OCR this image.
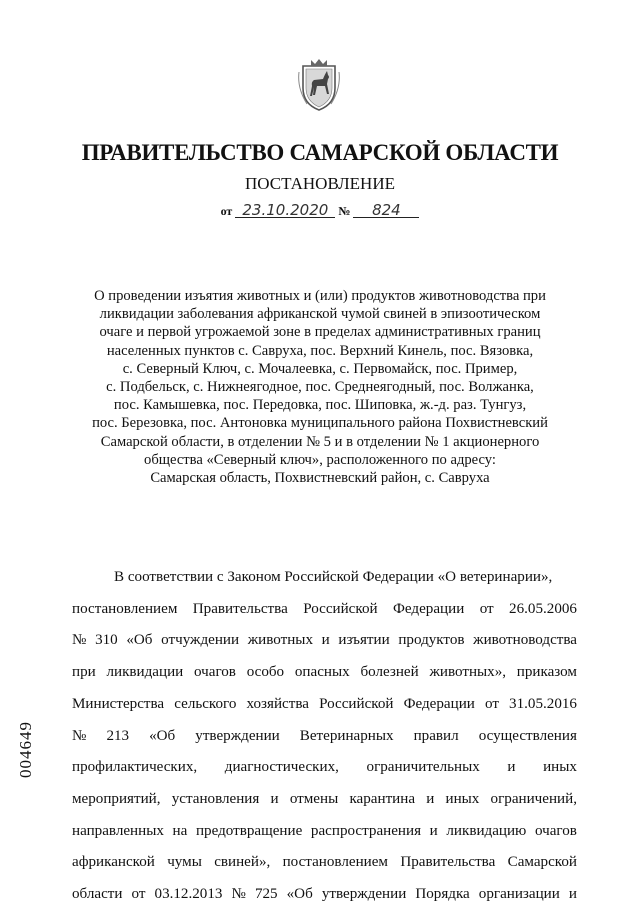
ПРАВИТЕЛЬСТВО САМАРСКОЙ ОБЛАСТИ
ПОСТАНОВЛЕНИЕ
от 23.10.2020 № 824
О проведении изъятия животных и (или) продуктов животноводства при
ликвидации заболевания африканской чумой свиней в эпизоотическом
очаге и первой угрожаемой зоне в пределах административных границ
населенных пунктов с. Савруха, пос. Верхний Кинель, пос. Вязовка,
с. Северный Ключ, с. Мочалеевка, с. Первомайск, пос. Пример,
с. Подбельск, с. Нижнеягодное, пос. Среднеягодный, пос. Волжанка,
пос. Камышевка, пос. Передовка, пос. Шиповка, ж.-д. раз. Тунгуз,
пос. Березовка, пос. Антоновка муниципального района Похвистневский
Самарской области, в отделении № 5 и в отделении № 1 акционерного
общества «Северный ключ», расположенного по адресу:
Самарская область, Похвистневский район, с. Савруха
В соответствии с Законом Российской Федерации «О ветеринарии»,
постановлением Правительства Российской Федерации от 26.05.2006
№ 310 «Об отчуждении животных и изъятии продуктов животноводства
при ликвидации очагов особо опасных болезней животных», приказом
Министерства сельского хозяйства Российской Федерации от 31.05.2016
№ 213 «Об утверждении Ветеринарных правил осуществления
профилактических, диагностических, ограничительных и иных
мероприятий, установления и отмены карантина и иных ограничений,
направленных на предотвращение распространения и ликвидацию очагов
африканской чумы свиней», постановлением Правительства Самарской
области от 03.12.2013 № 725 «Об утверждении Порядка организации и
004649
